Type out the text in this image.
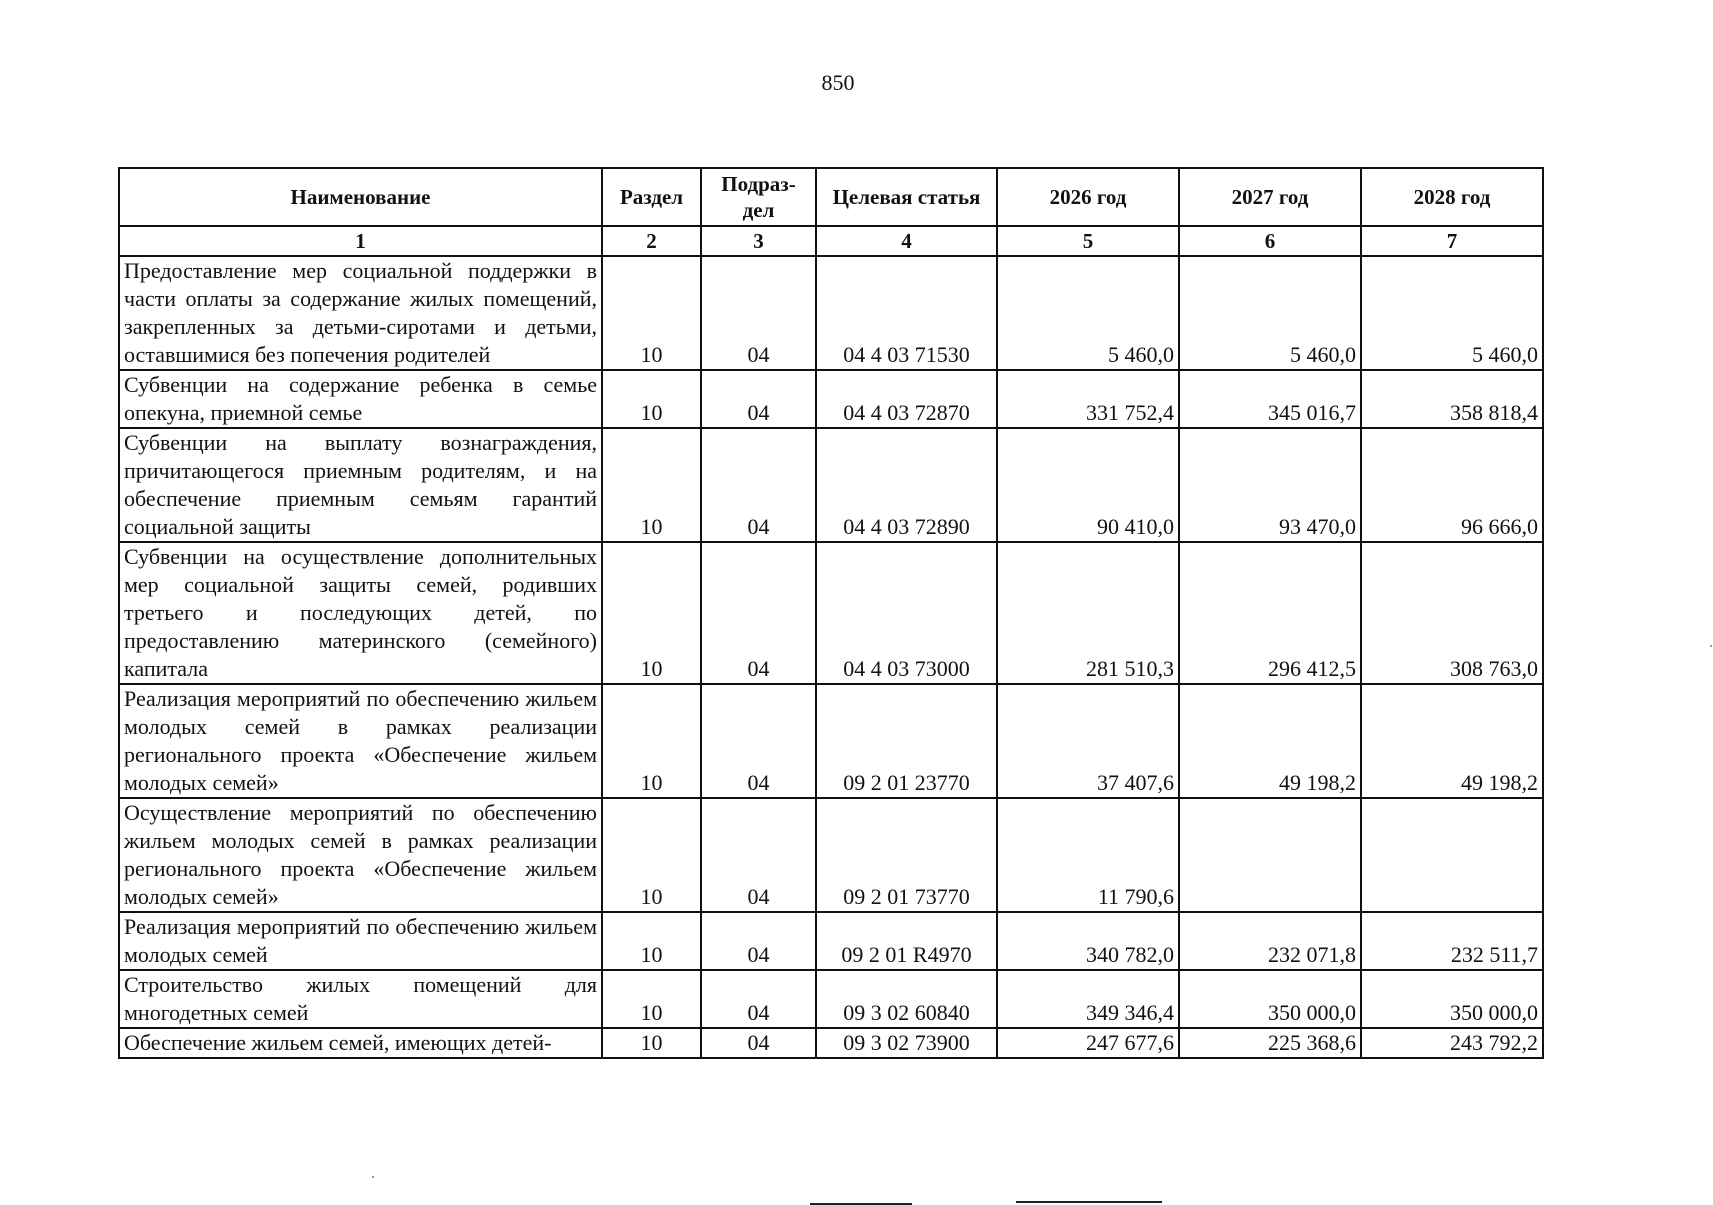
850
Наименование	Раздел	Подраз-дел	Целевая статья	2026 год	2027 год	2028 год
1	2	3	4	5	6	7
Предоставление мер социальной поддержки в части оплаты за содержание жилых помещений, закрепленных за детьми-сиротами и детьми, оставшимися без попечения родителей	10	04	04 4 03 71530	5 460,0	5 460,0	5 460,0
Субвенции на содержание ребенка в семье опекуна, приемной семье	10	04	04 4 03 72870	331 752,4	345 016,7	358 818,4
Субвенции на выплату вознаграждения, причитающегося приемным родителям, и на обеспечение приемным семьям гарантий социальной защиты	10	04	04 4 03 72890	90 410,0	93 470,0	96 666,0
Субвенции на осуществление дополнительных мер социальной защиты семей, родивших третьего и последующих детей, по предоставлению материнского (семейного) капитала	10	04	04 4 03 73000	281 510,3	296 412,5	308 763,0
Реализация мероприятий по обеспечению жильем молодых семей в рамках реализации регионального проекта «Обеспечение жильем молодых семей»	10	04	09 2 01 23770	37 407,6	49 198,2	49 198,2
Осуществление мероприятий по обеспечению жильем молодых семей в рамках реализации регионального проекта «Обеспечение жильем молодых семей»	10	04	09 2 01 73770	11 790,6		
Реализация мероприятий по обеспечению жильем молодых семей	10	04	09 2 01 R4970	340 782,0	232 071,8	232 511,7
Строительство жилых помещений для многодетных семей	10	04	09 3 02 60840	349 346,4	350 000,0	350 000,0
Обеспечение жильем семей, имеющих детей-	10	04	09 3 02 73900	247 677,6	225 368,6	243 792,2
